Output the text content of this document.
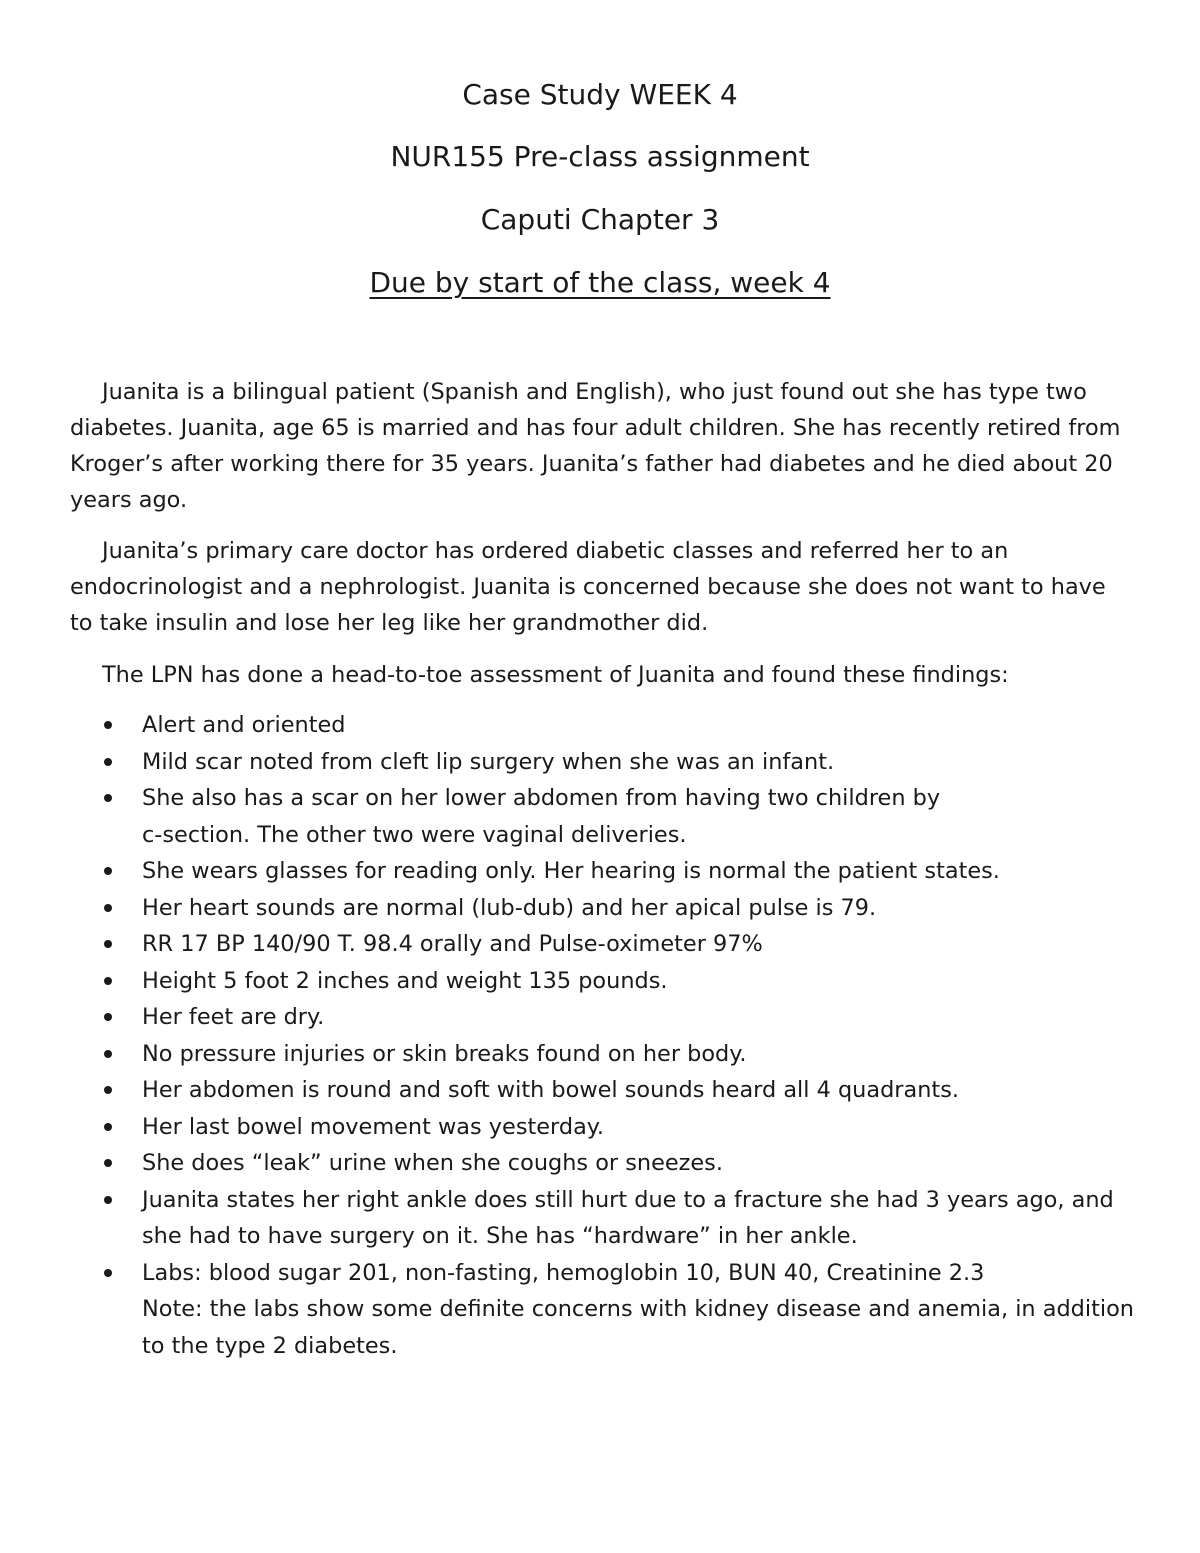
Case Study WEEK 4
NUR155 Pre-class assignment
Caputi Chapter 3
Due by start of the class, week 4

Juanita is a bilingual patient (Spanish and English), who just found out she has type two
diabetes. Juanita, age 65 is married and has four adult children. She has recently retired from
Kroger’s after working there for 35 years. Juanita’s father had diabetes and he died about 20
years ago.

Juanita’s primary care doctor has ordered diabetic classes and referred her to an
endocrinologist and a nephrologist. Juanita is concerned because she does not want to have
to take insulin and lose her leg like her grandmother did.

The LPN has done a head-to-toe assessment of Juanita and found these findings:

Alert and oriented
Mild scar noted from cleft lip surgery when she was an infant.
She also has a scar on her lower abdomen from having two children by
c-section. The other two were vaginal deliveries.
She wears glasses for reading only. Her hearing is normal the patient states.
Her heart sounds are normal (lub-dub) and her apical pulse is 79.
RR 17 BP 140/90 T. 98.4 orally and Pulse-oximeter 97%
Height 5 foot 2 inches and weight 135 pounds.
Her feet are dry.
No pressure injuries or skin breaks found on her body.
Her abdomen is round and soft with bowel sounds heard all 4 quadrants.
Her last bowel movement was yesterday.
She does “leak” urine when she coughs or sneezes.
Juanita states her right ankle does still hurt due to a fracture she had 3 years ago, and
she had to have surgery on it. She has “hardware” in her ankle.
Labs: blood sugar 201, non-fasting, hemoglobin 10, BUN 40, Creatinine 2.3
Note: the labs show some definite concerns with kidney disease and anemia, in addition
to the type 2 diabetes.
